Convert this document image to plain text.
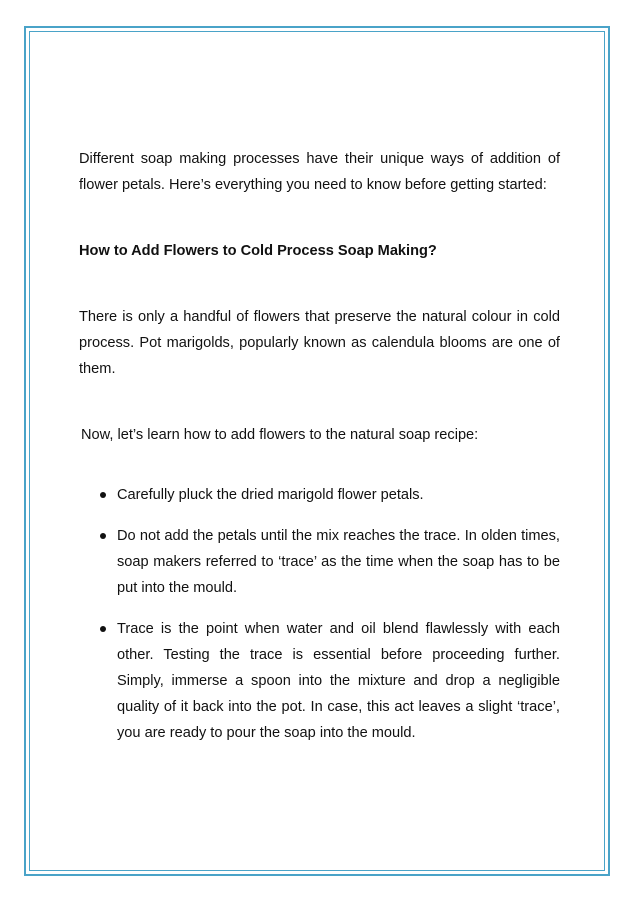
Different soap making processes have their unique ways of addition of flower petals. Here’s everything you need to know before getting started:

How to Add Flowers to Cold Process Soap Making?

There is only a handful of flowers that preserve the natural colour in cold process. Pot marigolds, popularly known as calendula blooms are one of them.

Now, let’s learn how to add flowers to the natural soap recipe:

Carefully pluck the dried marigold flower petals.
Do not add the petals until the mix reaches the trace. In olden times, soap makers referred to ‘trace’ as the time when the soap has to be put into the mould.
Trace is the point when water and oil blend flawlessly with each other. Testing the trace is essential before proceeding further. Simply, immerse a spoon into the mixture and drop a negligible quality of it back into the pot. In case, this act leaves a slight ‘trace’, you are ready to pour the soap into the mould.
